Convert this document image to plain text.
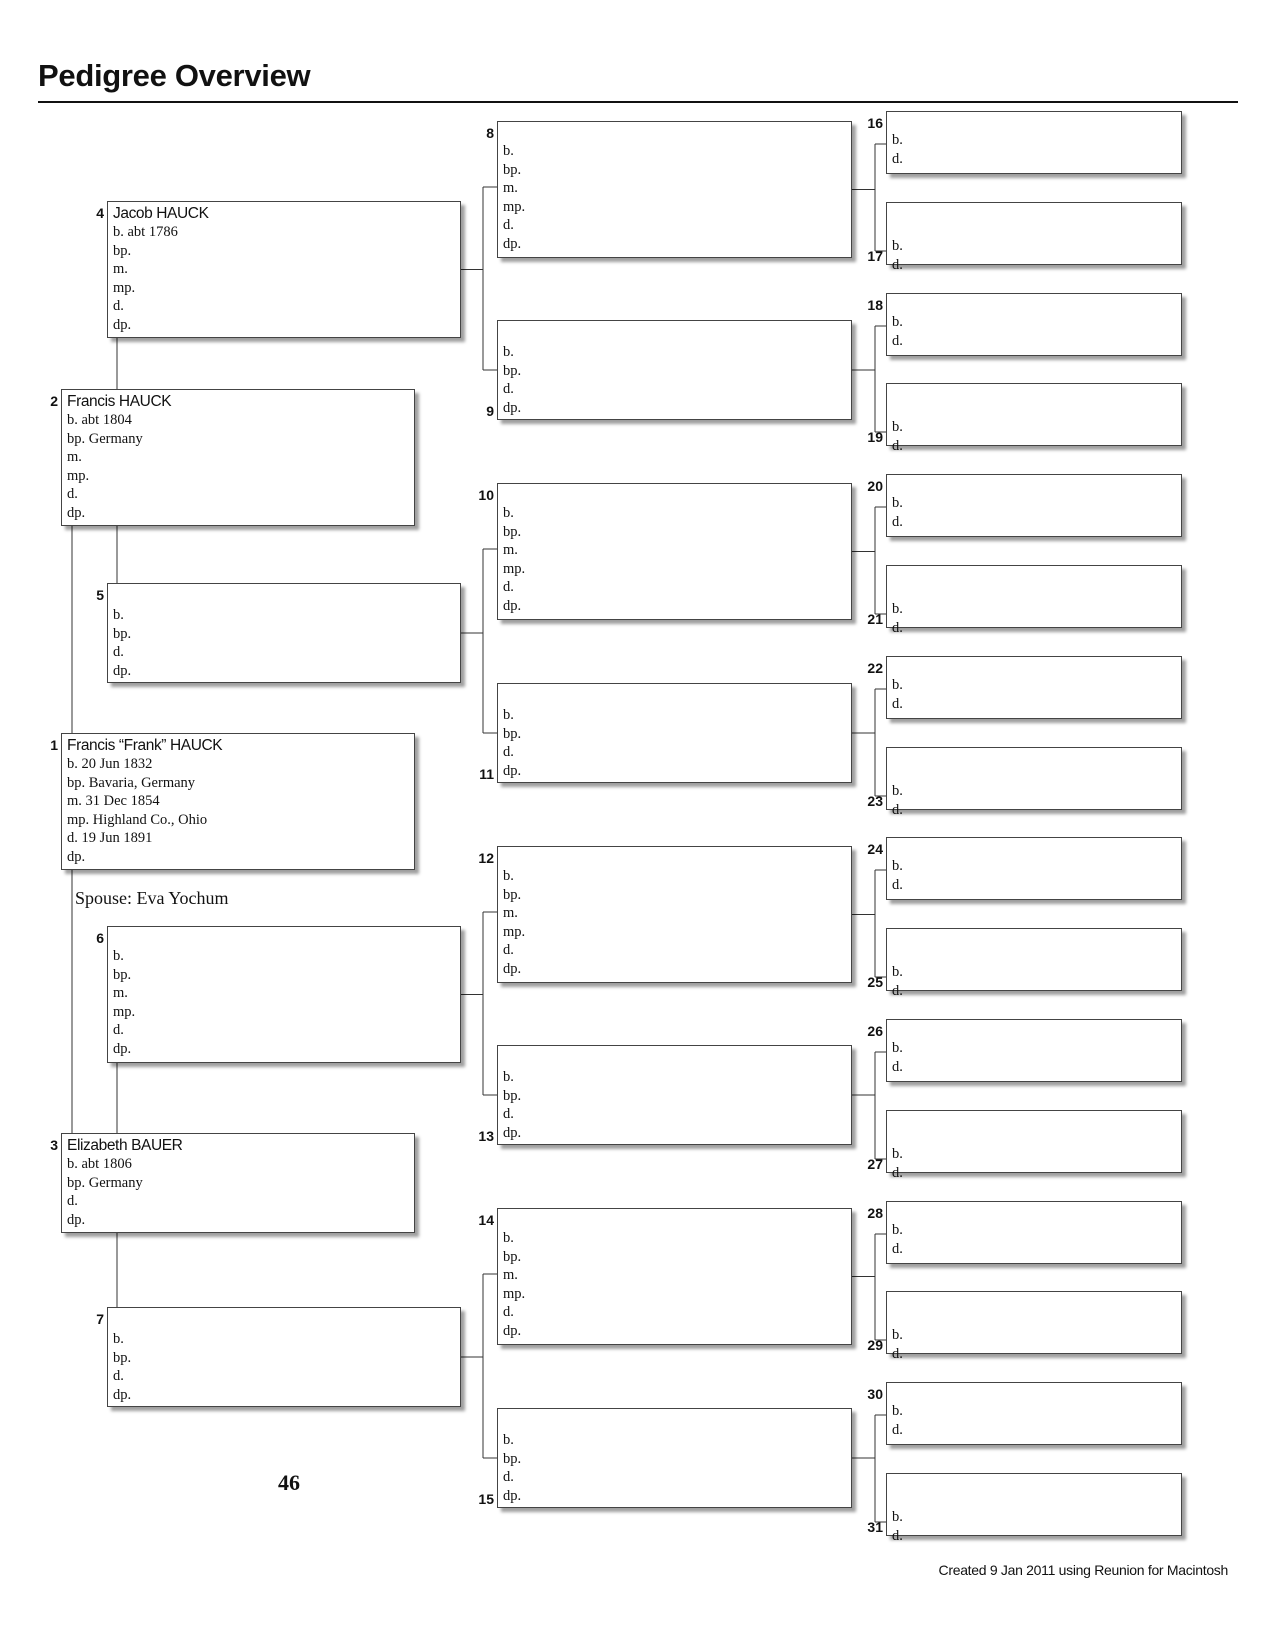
Pedigree Overview
1 Francis “Frank” HAUCK
b. 20 Jun 1832
bp. Bavaria, Germany
m. 31 Dec 1854
mp. Highland Co., Ohio
d. 19 Jun 1891
dp.
2 Francis HAUCK
b. abt 1804
bp. Germany
m.
mp.
d.
dp.
3 Elizabeth BAUER
b. abt 1806
bp. Germany
d.
dp.
4 Jacob HAUCK
b. abt 1786
bp.
m.
mp.
d.
dp.
5
b.
bp.
d.
dp.
6
b.
bp.
m.
mp.
d.
dp.
7
b.
bp.
d.
dp.
8
b.
bp.
m.
mp.
d.
dp.
9
b.
bp.
d.
dp.
10
b.
bp.
m.
mp.
d.
dp.
11
b.
bp.
d.
dp.
12
b.
bp.
m.
mp.
d.
dp.
13
b.
bp.
d.
dp.
14
b.
bp.
m.
mp.
d.
dp.
15
b.
bp.
d.
dp.
16
b.
d.
17
b.
d.
18
b.
d.
19
b.
d.
20
b.
d.
21
b.
d.
22
b.
d.
23
b.
d.
24
b.
d.
25
b.
d.
26
b.
d.
27
b.
d.
28
b.
d.
29
b.
d.
30
b.
d.
31
b.
d.
Spouse: Eva Yochum
46
Created 9 Jan 2011 using Reunion for Macintosh
